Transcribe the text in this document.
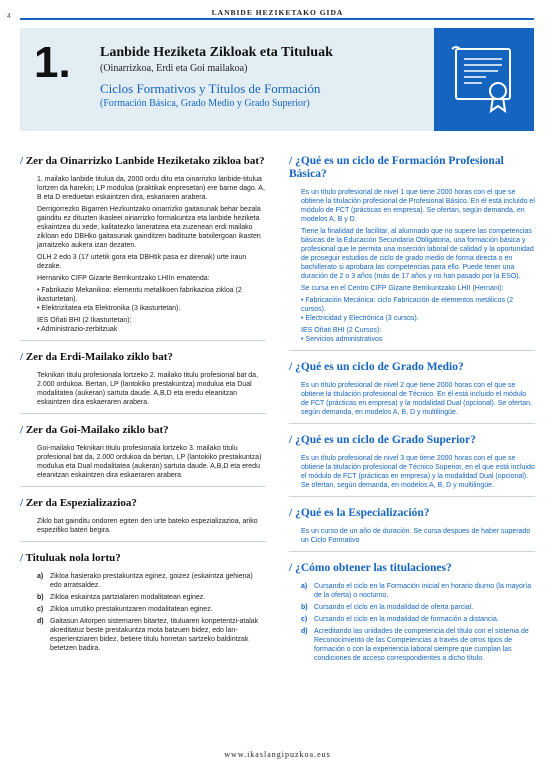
4	LANBIDE HEZIKETAKO GIDA
1. Lanbide Heziketa Zikloak eta Tituluak
(Oinarrizkoa, Erdi eta Goi mailakoa)
Ciclos Formativos y Títulos de Formación
(Formación Básica, Grado Medio y Grado Superior)
/ Zer da Oinarrizko Lanbide Heziketako zikloa bat?
1. mailako lanbide titulua da, 2000 ordu ditu eta oinarrizko lanbide-titulua lortzen da harekin; LP moduloa (praktikak enpresetan) ere barne dago. A, B eta D ereduetan eskaintzen dira, eskariaren arabera.
Derrigorrezko Bigarren Hezkuntzako oinarrizko gaitasunak behar bezala gainditu ez dituzten ikasleei oinarrizko formakuntza eta lanbide heziketa eskaintzea du xede, kalitatezko laneratzea eta zuzenean erdi mailako zikloan edo DBHko gaitasunak gainditzen badituzte batxilergoan ikasten jarraitzeko aukera izan dezaten.
OLH 2 edo 3 (17 urtetik gora eta DBHtik pasa ez direnak) urte iraun dezake.
Hernaniko CIFP Gizarte Berrikuntzako LHIIn ematenda:
• Fabrikazio Mekanikoa: elementu metalikoen fabrikazioa zikloa (2 ikasturtetan).
• Elektrizitatea eta Elektronika (3 ikasturtetan).
IES Oñati BHI (2 Ikasturtetan):
• Administrazio-zerbitzuak
/ Zer da Erdi-Mailako ziklo bat?
Teknikari titulu profesionala lortzeko 2. mailako titulu profesional bat da, 2.000 ordukoa. Bertan, LP (lantokiko prestakuntza) modulua eta Dual modalitatea (aukeran) sartuta daude. A,B,D eta eredu eleanitzan eskaintzen dira eskaeraren arabera.
/ Zer da Goi-Mailako ziklo bat?
Goi-mailako Teknikari titulu profesionala lortzeko 3. mailako titulu profesional bat da, 2.000 ordukoa da bertan, LP (lantokiko prestakuntza) modulua eta Dual modalitatea (aukeran) sartuta daude. A,B,D eta eredu eleanitzan eskaintzen dira eskaeraren arabera.
/ Zer da Espezializazioa?
Ziklo bat gainditu ondoren egiten den urte bateko espezializazioa, ariko espezifiko bateri begira.
/ Tituluak nola lortu?
a) Zikloa hasierako prestakuntza eginez, goizez (eskaintza gehiena) edo arratsaldez.
b) Zikloa eskaintza partzialaren modalitatean eginez.
c) Zikloa urrutiko prestakuntzaren modalitatean eginez.
d) Gaitasun Aitorpen sistemaren bitartez, tituluaren konpetentzi-atalak akreditatuz beste prestakuntza mota batzuen bidez, edo lan-esperientziaren bidez, betiere titulu horretan sartzeko baldintzak betetzen badira.
/ ¿Qué es un ciclo de Formación Profesional Básica?
Es un título profesional de nivel 1 que tiene 2000 horas con el que se obtiene la titulación profesional de Profesional Básico. En él está incluido el módulo de FCT (prácticas en empresa). Se ofertan, según demanda, en modelos A, B y D.
Tiene la finalidad de facilitar, al alumnado que no supere las competencias básicas de la Educación Secundaria Obligatoria, una formación básica y profesional que le permita una inserción laboral de calidad y la oportunidad de proseguir estudios de ciclo de grado medio de forma directa o en bachillerato si aprobara las competencias para ello. Puede tener una duración de 2 o 3 años (más de 17 años y no han pasado por la ESO).
Se cursa en el Centro CIFP Gizarte Berrikuntzako LHII (Hernani):
• Fabricación Mecánica: ciclo Fabricación de elementos metálicos (2 cursos).
• Electricidad y Electrónica (3 cursos).
IES Oñati BHI (2 Cursos):
• Servicios administrativos
/ ¿Qué es un ciclo de Grado Medio?
Es un título profesional de nivel 2 que tiene 2000 horas con el que se obtiene la titulación profesional de Técnico. En él está incluido el módulo de FCT (prácticas en empresa) y la modalidad Dual (opcional). Se ofertan, según demanda, en modelos A, B, D y multilingüe.
/ ¿Qué es un ciclo de Grado Superior?
Es un título profesional de nivel 3 que tiene 2000 horas con el que se obtiene la titulación profesional de Técnico Superior, en el que está incluido el módulo de FCT (prácticas en empresa) y la modalidad Dual (opcional). Se ofertan, según demanda, en modelos A, B, D y multilingüe.
/ ¿Qué es la Especialización?
Es un curso de un año de duración. Se cursa despues de haber superado un Ciclo Formativo
/ ¿Cómo obtener las titulaciones?
a) Cursando el ciclo en la Formación inicial en horario diurno (la mayoría de la oferta) o nocturno.
b) Cursando el ciclo en la modalidad de oferta parcial.
c) Cursando el ciclo en la modalidad de formación a distancia.
d) Acreditando las unidades de competencia del título con el sistema de Reconocimiento de las Competencias a través de otros tipos de formación o con la experiencia laboral siempre que cumplan las condiciones de acceso correspondientes a dicho título.
www.ikaslangipuzkoa.eus
